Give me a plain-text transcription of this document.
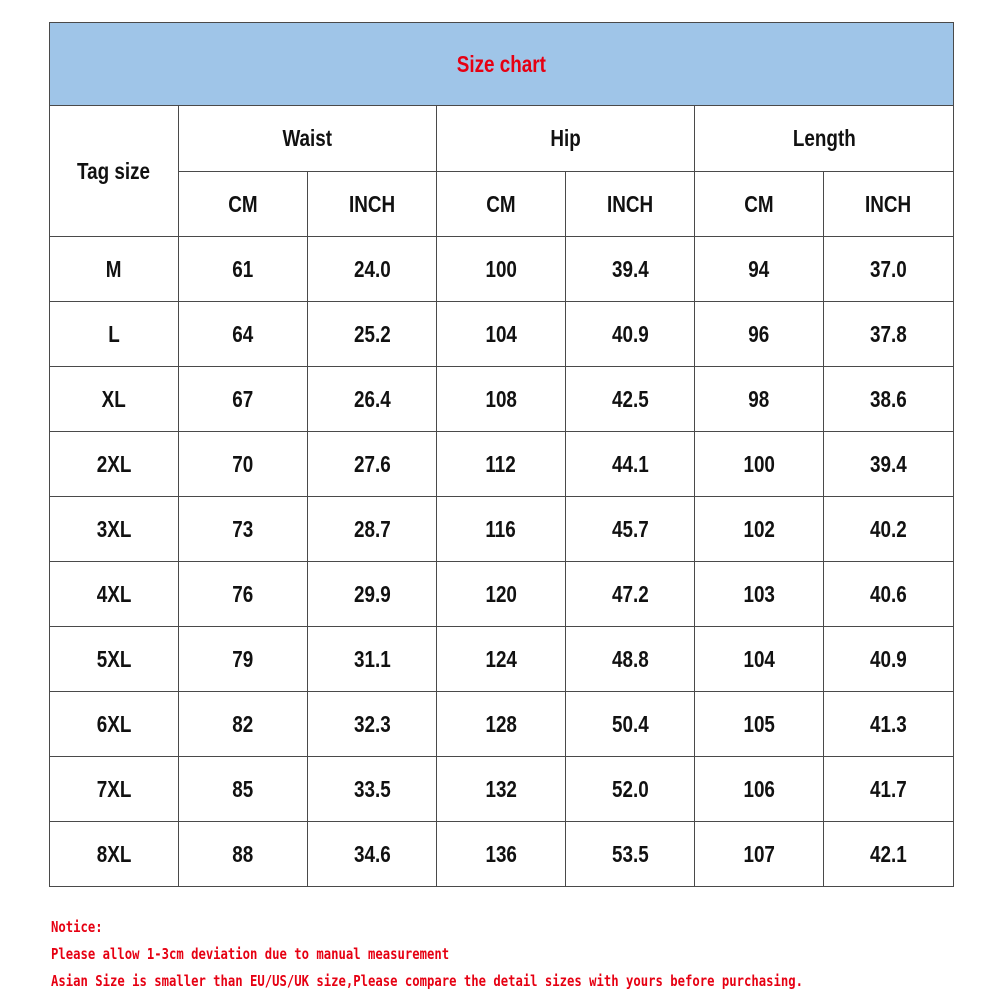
Size chart						
Tag size	Waist		Hip		Length	
	CM	INCH	CM	INCH	CM	INCH
M	61	24.0	100	39.4	94	37.0
L	64	25.2	104	40.9	96	37.8
XL	67	26.4	108	42.5	98	38.6
2XL	70	27.6	112	44.1	100	39.4
3XL	73	28.7	116	45.7	102	40.2
4XL	76	29.9	120	47.2	103	40.6
5XL	79	31.1	124	48.8	104	40.9
6XL	82	32.3	128	50.4	105	41.3
7XL	85	33.5	132	52.0	106	41.7
8XL	88	34.6	136	53.5	107	42.1
Notice:
Please allow 1-3cm deviation due to manual measurement
Asian Size is smaller than EU/US/UK size,Please compare the detail sizes with yours before purchasing.
